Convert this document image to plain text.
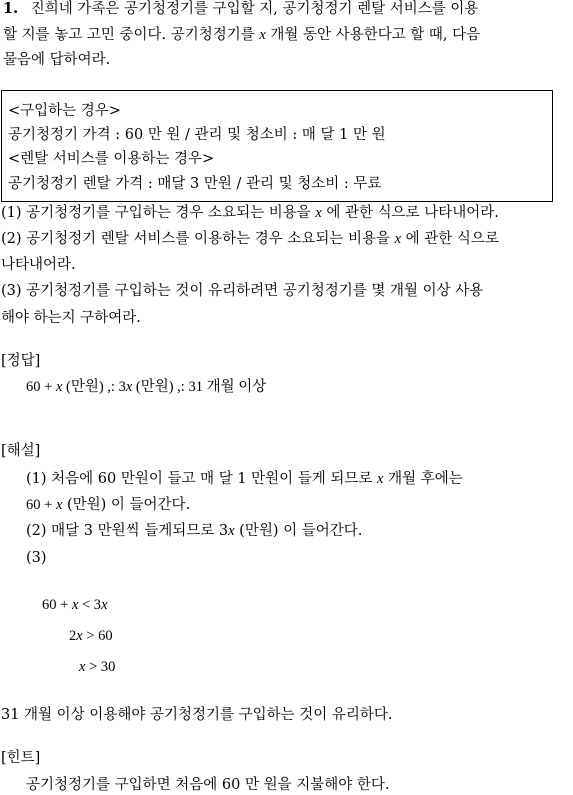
1. 진희네 가족은 공기청정기를 구입할 지, 공기청정기 렌탈 서비스를 이용
할 지를 놓고 고민 중이다. 공기청정기를 x 개월 동안 사용한다고 할 때, 다음
물음에 답하여라.
<구입하는 경우>
공기청정기 가격 : 60 만 원 / 관리 및 청소비 : 매 달 1 만 원
<렌탈 서비스를 이용하는 경우>
공기청정기 렌탈 가격 : 매달 3 만원 / 관리 및 청소비 : 무료
(1) 공기청정기를 구입하는 경우 소요되는 비용을 x 에 관한 식으로 나타내어라.
(2) 공기청정기 렌탈 서비스를 이용하는 경우 소요되는 비용을 x 에 관한 식으로
나타내어라.
(3) 공기청정기를 구입하는 것이 유리하려면 공기청정기를 몇 개월 이상 사용
해야 하는지 구하여라.
[정답]
60 + x (만원) ,: 3x (만원) ,: 31 개월 이상
[해설]
(1) 처음에 60 만원이 들고 매 달 1 만원이 들게 되므로 x 개월 후에는
60 + x (만원) 이 들어간다.
(2) 매달 3 만원씩 들게되므로 3x (만원) 이 들어간다.
(3)
60 + x < 3x
2x > 60
x > 30
31 개월 이상 이용해야 공기청정기를 구입하는 것이 유리하다.
[힌트]
공기청정기를 구입하면 처음에 60 만 원을 지불해야 한다.
